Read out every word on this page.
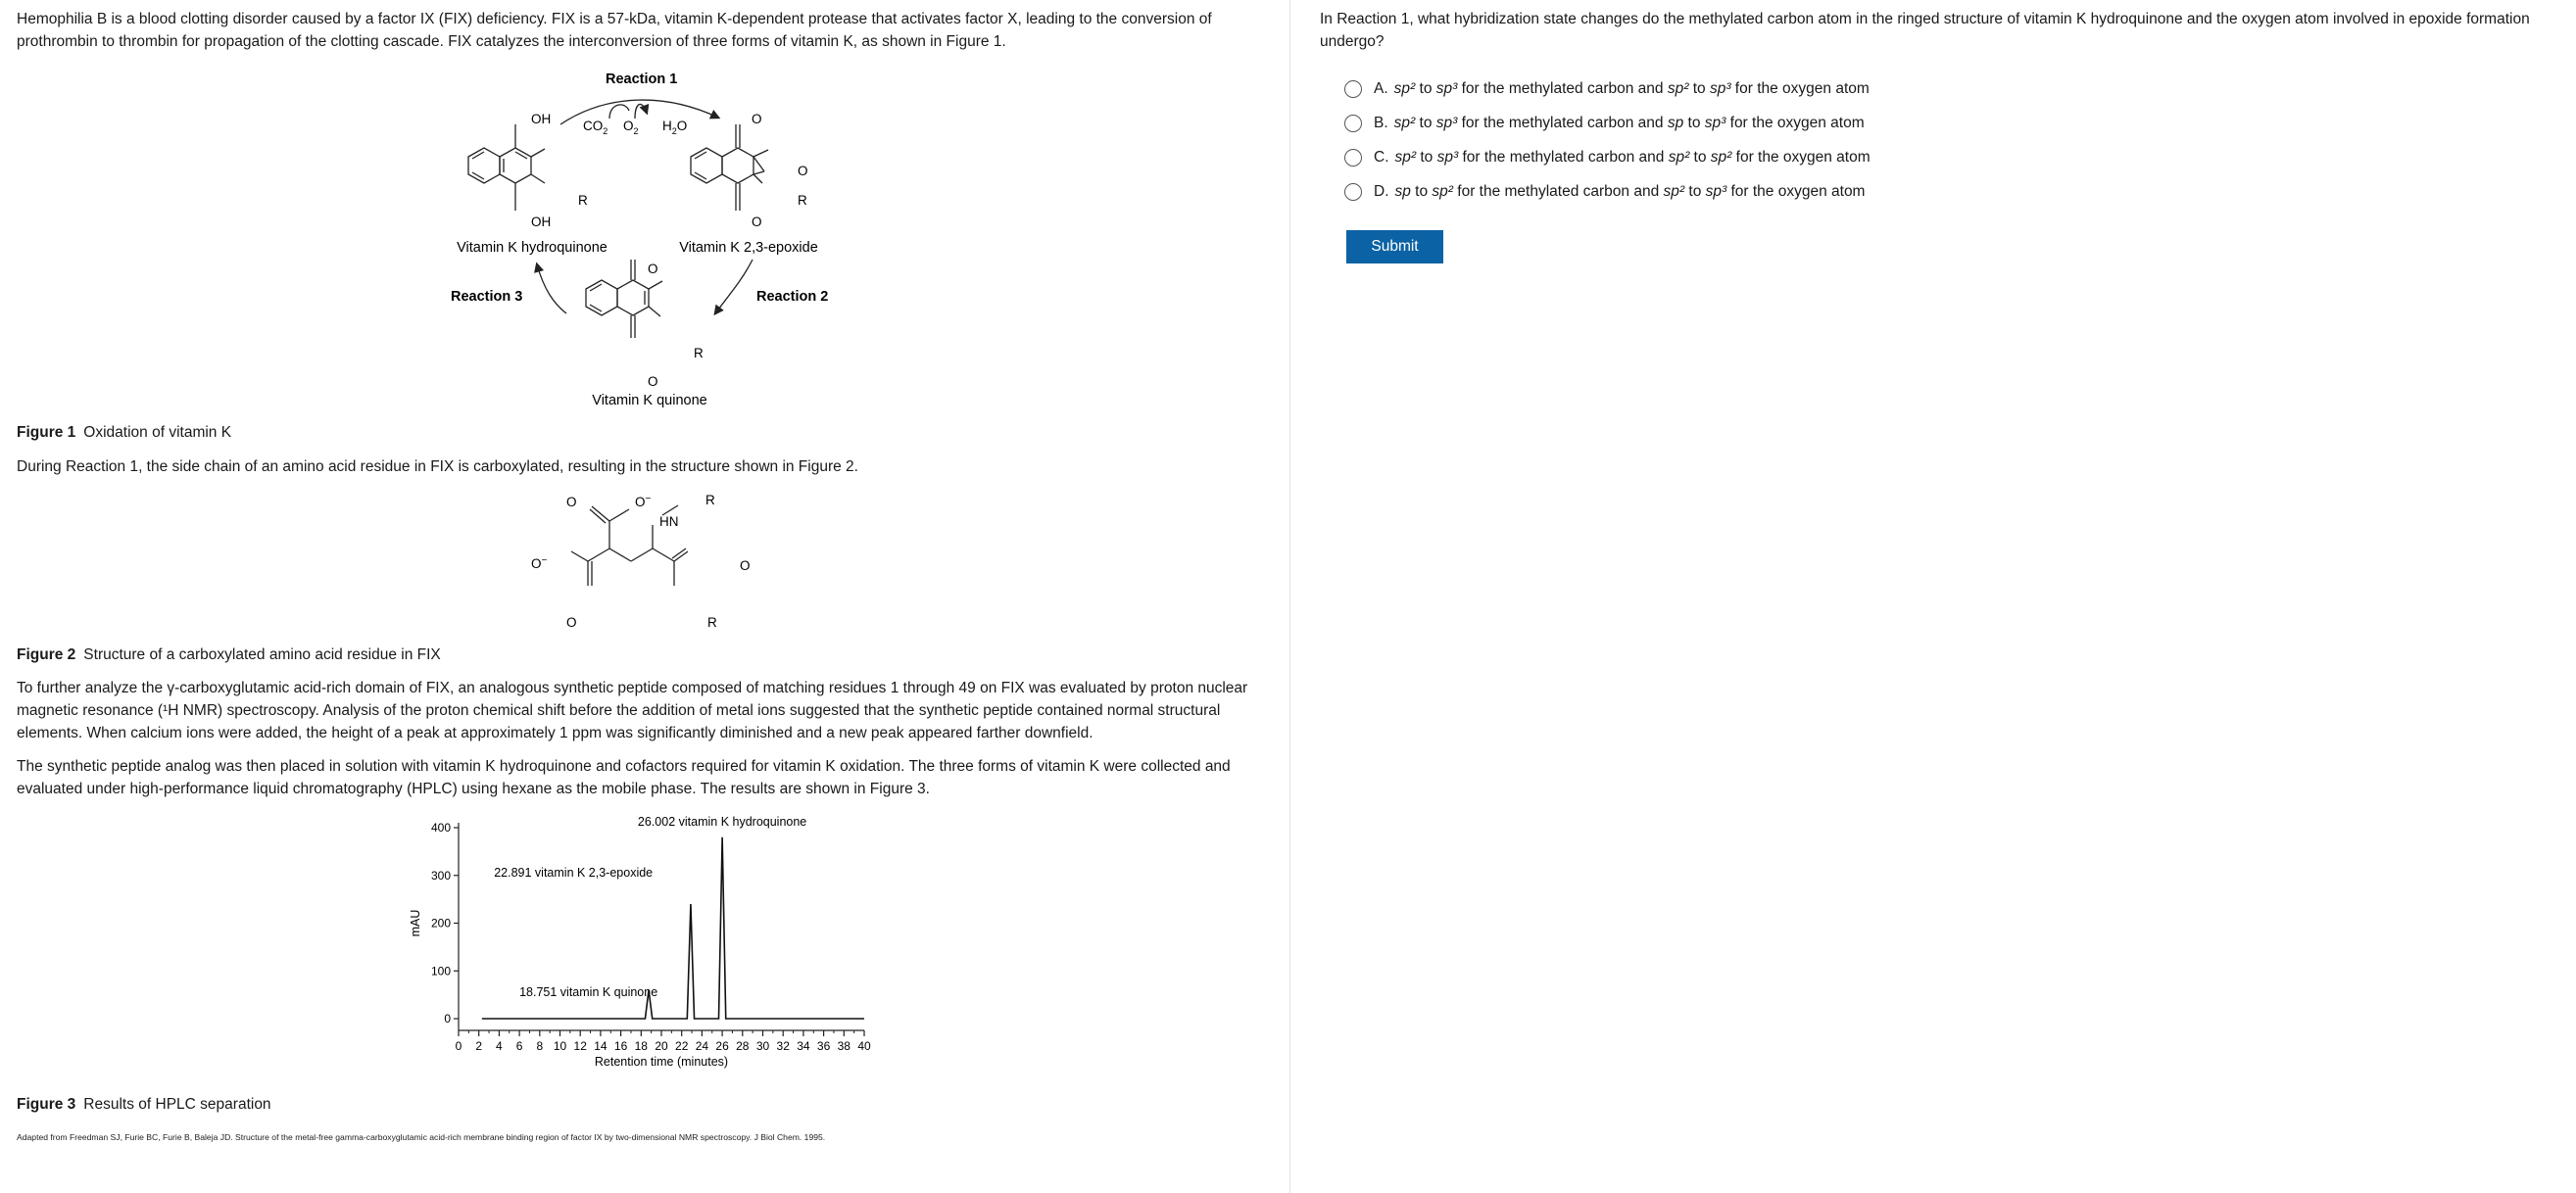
Hemophilia B is a blood clotting disorder caused by a factor IX (FIX) deficiency. FIX is a 57-kDa, vitamin K-dependent protease that activates factor X, leading to the conversion of prothrombin to thrombin for propagation of the clotting cascade. FIX catalyzes the interconversion of three forms of vitamin K, as shown in Figure 1.

Reaction 1
Reaction 2
Reaction 3
OH
OH
R
$CO_2$ $O_2$ $H_2O$	O
O
O
R
O
O
R
Vitamin K hydroquinone	Vitamin K 2,3-epoxide
Vitamin K quinone
Figure 1 Oxidation of vitamin K

During Reaction 1, the side chain of an amino acid residue in FIX is carboxylated, resulting in the structure shown in Figure 2.

O	O−	R
HN
O−	O
O	R
Figure 2 Structure of a carboxylated amino acid residue in FIX

To further analyze the γ-carboxyglutamic acid-rich domain of FIX, an analogous synthetic peptide composed of matching residues 1 through 49 on FIX was evaluated by proton nuclear magnetic resonance (¹H NMR) spectroscopy. Analysis of the proton chemical shift before the addition of metal ions suggested that the synthetic peptide contained normal structural elements. When calcium ions were added, the height of a peak at approximately 1 ppm was significantly diminished and a new peak appeared farther downfield.

The synthetic peptide analog was then placed in solution with vitamin K hydroquinone and cofactors required for vitamin K oxidation. The three forms of vitamin K were collected and evaluated under high-performance liquid chromatography (HPLC) using hexane as the mobile phase. The results are shown in Figure 3.

0
100
200
300
400
0 2 4 6 8 10 12 14 16 18 20 22 24 26 28 30 32 34 36 38 40
Retention time (minutes)
mAU
18.751 vitamin K quinone
22.891 vitamin K 2,3-epoxide
26.002 vitamin K hydroquinone
Figure 3 Results of HPLC separation
Adapted from Freedman SJ, Furie BC, Furie B, Baleja JD. Structure of the metal-free gamma-carboxyglutamic acid-rich membrane binding region of factor IX by two-dimensional NMR spectroscopy. J Biol Chem. 1995.

In Reaction 1, what hybridization state changes do the methylated carbon atom in the ringed structure of vitamin K hydroquinone and the oxygen atom involved in epoxide formation undergo?

A. sp² to sp³ for the methylated carbon and sp² to sp³ for the oxygen atom
B. sp² to sp³ for the methylated carbon and sp to sp³ for the oxygen atom
C. sp² to sp³ for the methylated carbon and sp² to sp² for the oxygen atom
D. sp to sp² for the methylated carbon and sp² to sp³ for the oxygen atom
Submit
